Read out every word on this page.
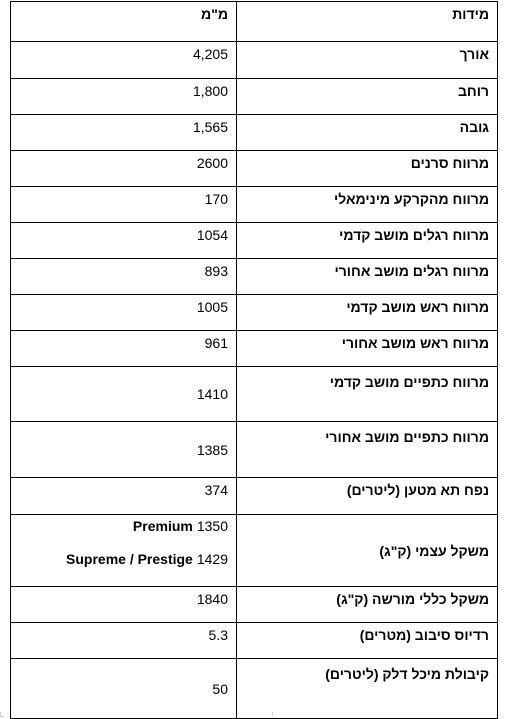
מ"מ	מידות
4,205	אורך
1,800	רוחב
1,565	גובה
2600	מרווח סרנים
170	מרווח מהקרקע מינימאלי
1054	מרווח רגלים מושב קדמי
893	מרווח רגלים מושב אחורי
1005	מרווח ראש מושב קדמי
961	מרווח ראש מושב אחורי
1410	מרווח כתפיים מושב קדמי
1385	מרווח כתפיים מושב אחורי
374	נפח תא מטען (ליטרים)

Premium 1350
Supreme / Prestige 1429	משקל עצמי (ק"ג)
1840	משקל כללי מורשה (ק"ג)
5.3	רדיוס סיבוב (מטרים)
50	קיבולת מיכל דלק (ליטרים)
